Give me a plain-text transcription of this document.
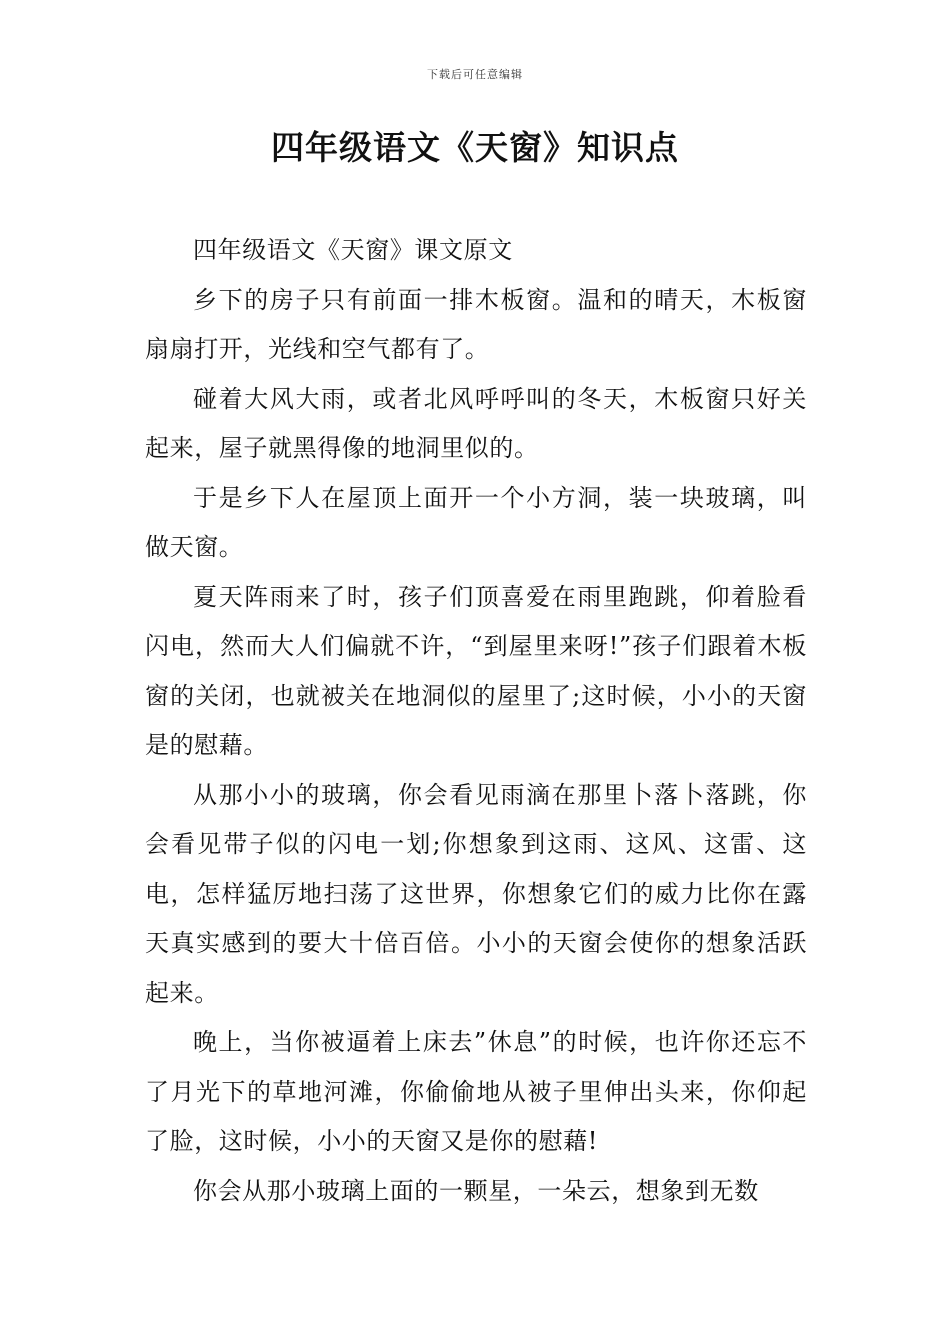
下载后可任意编辑
四年级语文《天窗》知识点

四年级语文《天窗》课文原文

乡下的房子只有前面一排木板窗。温和的晴天，木板窗扇扇打开，光线和空气都有了。

碰着大风大雨，或者北风呼呼叫的冬天，木板窗只好关起来，屋子就黑得像的地洞里似的。

于是乡下人在屋顶上面开一个小方洞，装一块玻璃，叫做天窗。

夏天阵雨来了时，孩子们顶喜爱在雨里跑跳，仰着脸看闪电，然而大人们偏就不许，“到屋里来呀!”孩子们跟着木板窗的关闭，也就被关在地洞似的屋里了;这时候，小小的天窗是的慰藉。

从那小小的玻璃，你会看见雨滴在那里卜落卜落跳，你会看见带子似的闪电一划;你想象到这雨、这风、这雷、这电，怎样猛厉地扫荡了这世界，你想象它们的威力比你在露天真实感到的要大十倍百倍。小小的天窗会使你的想象活跃起来。

晚上，当你被逼着上床去”休息”的时候，也许你还忘不了月光下的草地河滩，你偷偷地从被子里伸出头来，你仰起了脸，这时候，小小的天窗又是你的慰藉!

你会从那小玻璃上面的一颗星，一朵云，想象到无数
